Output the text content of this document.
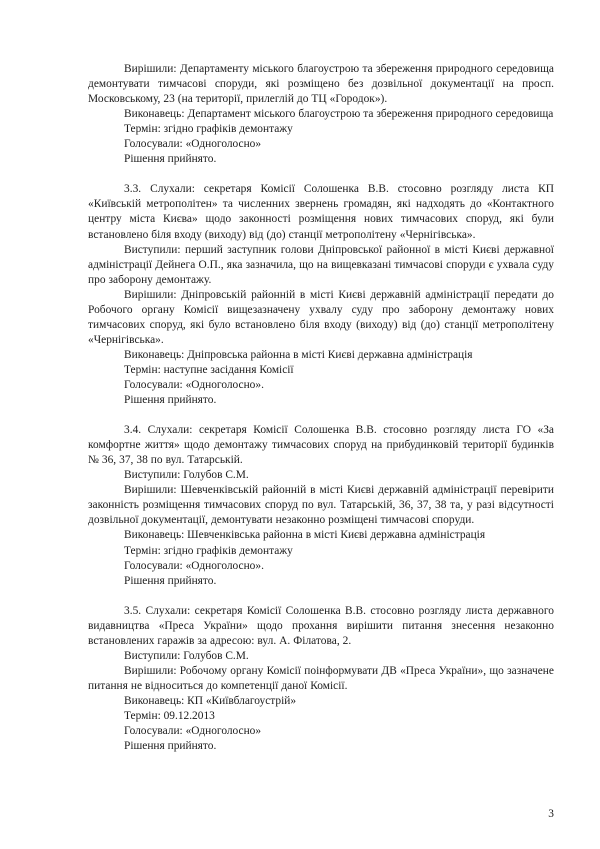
Вирішили: Департаменту міського благоустрою та збереження природного середовища демонтувати тимчасові споруди, які розміщено без дозвільної документації на просп. Московському, 23 (на території, прилеглій до ТЦ «Городок»).

Виконавець: Департамент міського благоустрою та збереження природного середовища

Термін: згідно графіків демонтажу

Голосували: «Одноголосно»

Рішення прийнято.

3.3. Слухали: секретаря Комісії Солошенка В.В. стосовно розгляду листа КП «Київській метрополітен» та численних звернень громадян, які надходять до «Контактного центру міста Києва» щодо законності розміщення нових тимчасових споруд, які були встановлено біля входу (виходу) від (до) станції метрополітену «Чернігівська».

Виступили: перший заступник голови Дніпровської районної в місті Києві державної адміністрації Дейнега О.П., яка зазначила, що на вищевказані тимчасові споруди є ухвала суду про заборону демонтажу.

Вирішили: Дніпровській районній в місті Києві державній адміністрації передати до Робочого органу Комісії вищезазначену ухвалу суду про заборону демонтажу нових тимчасових споруд, які було встановлено біля входу (виходу) від (до) станції метрополітену «Чернігівська».

Виконавець: Дніпровська районна в місті Києві державна адміністрація

Термін: наступне засідання Комісії

Голосували: «Одноголосно».

Рішення прийнято.

3.4. Слухали: секретаря Комісії Солошенка В.В. стосовно розгляду листа ГО «За комфортне життя» щодо демонтажу тимчасових споруд на прибудинковій території будинків № 36, 37, 38 по вул. Татарській.

Виступили: Голубов С.М.

Вирішили: Шевченківській районній в місті Києві державній адміністрації перевірити законність розміщення тимчасових споруд по вул. Татарській, 36, 37, 38 та, у разі відсутності дозвільної документації, демонтувати незаконно розміщені тимчасові споруди.

Виконавець: Шевченківська районна в місті Києві державна адміністрація

Термін: згідно графіків демонтажу

Голосували: «Одноголосно».

Рішення прийнято.

3.5. Слухали: секретаря Комісії Солошенка В.В. стосовно розгляду листа державного видавництва «Преса України» щодо прохання вирішити питання знесення незаконно встановлених гаражів за адресою: вул. А. Філатова, 2.

Виступили: Голубов С.М.

Вирішили: Робочому органу Комісії поінформувати ДВ «Преса України», що зазначене питання не відноситься до компетенції даної Комісії.

Виконавець: КП «Київблагоустрій»

Термін: 09.12.2013

Голосували: «Одноголосно»

Рішення прийнято.

3
